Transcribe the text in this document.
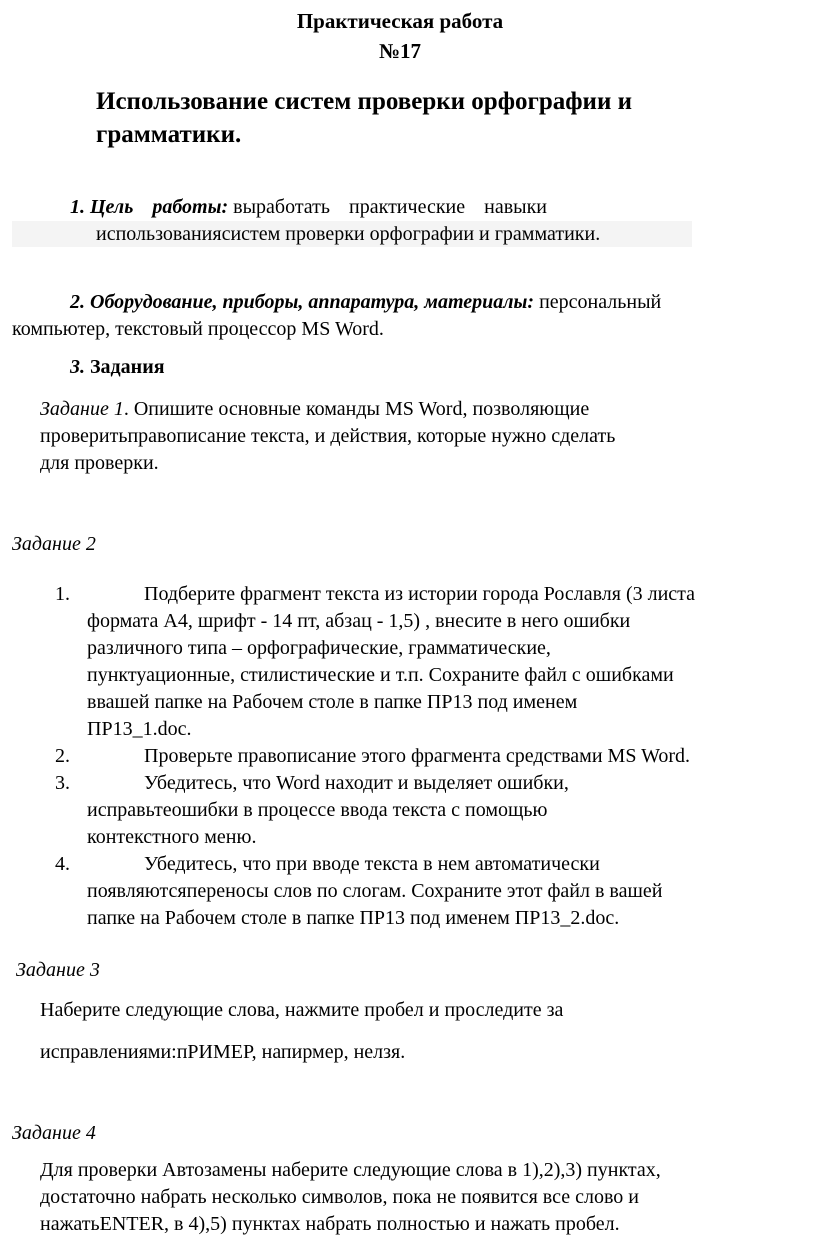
Практическая работа
№17
Использование систем проверки орфографии и грамматики.
1. Цель работы: выработать практические навыки
использованиясистем проверки орфографии и грамматики.
2. Оборудование, приборы, аппаратура, материалы: персональный
компьютер, текстовый процессор MS Word.
3. Задания
Задание 1. Опишите основные команды MS Word, позволяющие
проверитьправописание текста, и действия, которые нужно сделать
для проверки.
Задание 2
1.	Подберите фрагмент текста из истории города Рославля (3 листа
формата А4, шрифт - 14 пт, абзац - 1,5) , внесите в него ошибки
различного типа – орфографические, грамматические,
пунктуационные, стилистические и т.п. Сохраните файл с ошибками
ввашей папке на Рабочем столе в папке ПР13 под именем
ПР13_1.doc.
2.	Проверьте правописание этого фрагмента средствами MS Word.
3.	Убедитесь, что Word находит и выделяет ошибки,
исправьтеошибки в процессе ввода текста с помощью
контекстного меню.
4.	Убедитесь, что при вводе текста в нем автоматически
появляютсяпереносы слов по слогам. Сохраните этот файл в вашей
папке на Рабочем столе в папке ПР13 под именем ПР13_2.doc.
Задание 3
Наберите следующие слова, нажмите пробел и проследите за
исправлениями:пРИМЕР, напирмер, нелзя.
Задание 4
Для проверки Автозамены наберите следующие слова в 1),2),3) пунктах,
достаточно набрать несколько символов, пока не появится все слово и
нажатьENTER, в 4),5) пунктах набрать полностью и нажать пробел.
